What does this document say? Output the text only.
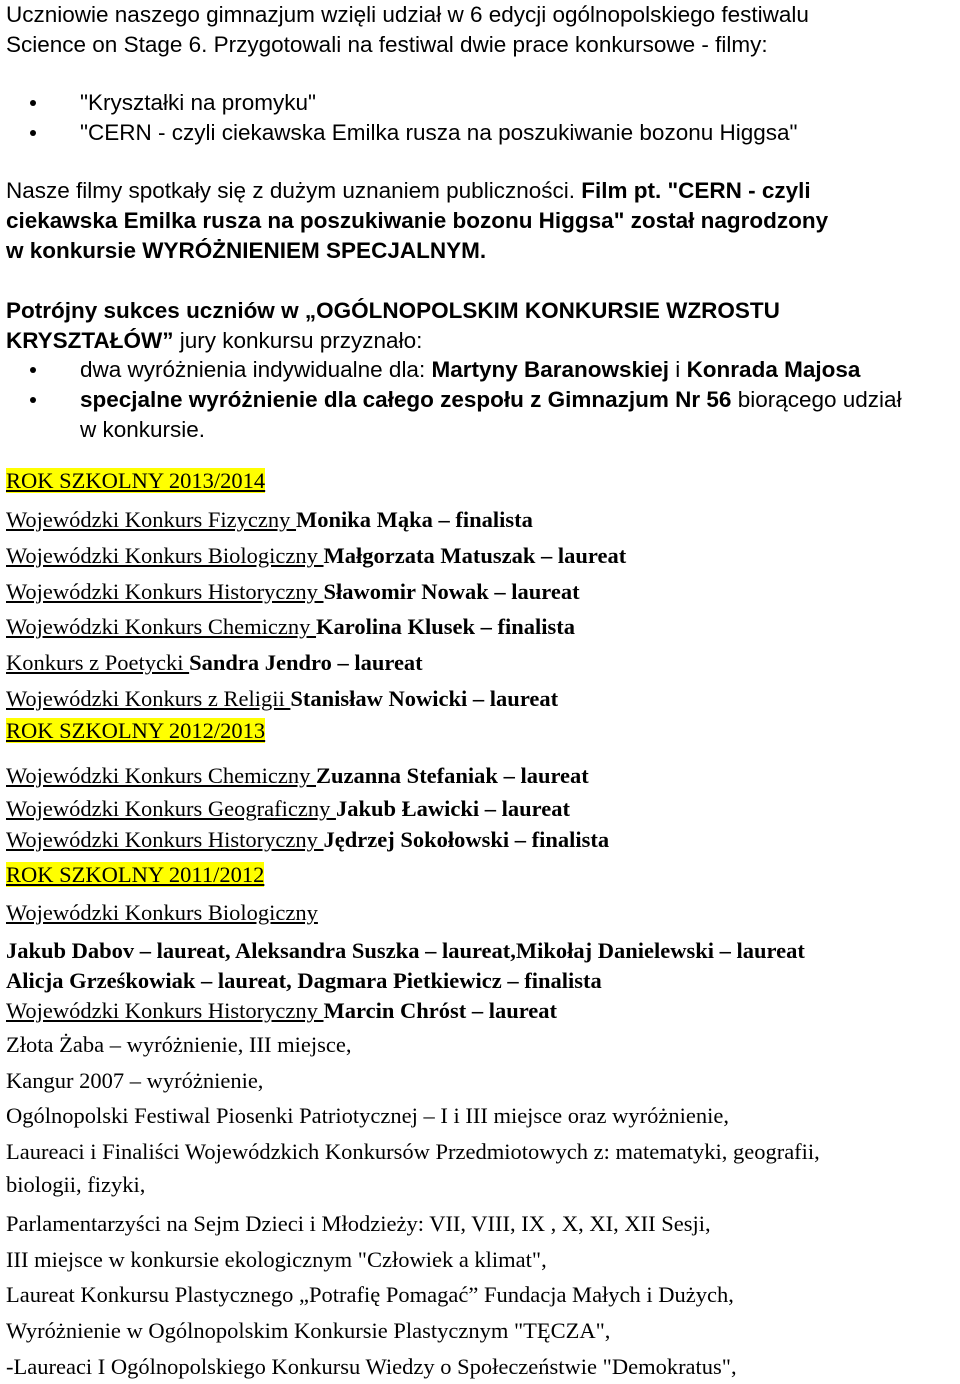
Uczniowie naszego gimnazjum wzięli udział w 6 edycji ogólnopolskiego festiwalu

Science on Stage 6. Przygotowali na festiwal dwie prace konkursowe - filmy:

"Kryształki na promyku"
"CERN - czyli ciekawska Emilka rusza na poszukiwanie bozonu Higgsa"

Nasze filmy spotkały się z dużym uznaniem publiczności. Film pt. "CERN - czyli

ciekawska Emilka rusza na poszukiwanie bozonu Higgsa" został nagrodzony

w konkursie WYRÓŻNIENIEM SPECJALNYM.

Potrójny sukces uczniów w „OGÓLNOPOLSKIM KONKURSIE WZROSTU

KRYSZTAŁÓW” jury konkursu przyznało:

dwa wyróżnienia indywidualne dla: Martyny Baranowskiej i Konrada Majosa
specjalne wyróżnienie dla całego zespołu z Gimnazjum Nr 56 biorącego udział
w konkursie.

ROK SZKOLNY 2013/2014

Wojewódzki Konkurs Fizyczny Monika Mąka – finalista

Wojewódzki Konkurs Biologiczny Małgorzata Matuszak – laureat

Wojewódzki Konkurs Historyczny Sławomir Nowak – laureat

Wojewódzki Konkurs Chemiczny Karolina Klusek – finalista

Konkurs z Poetycki Sandra Jendro – laureat

Wojewódzki Konkurs z Religii Stanisław Nowicki – laureat

ROK SZKOLNY 2012/2013

Wojewódzki Konkurs Chemiczny Zuzanna Stefaniak – laureat

Wojewódzki Konkurs Geograficzny Jakub Ławicki – laureat

Wojewódzki Konkurs Historyczny Jędrzej Sokołowski – finalista

ROK SZKOLNY 2011/2012

Wojewódzki Konkurs Biologiczny

Jakub Dabov – laureat, Aleksandra Suszka – laureat,Mikołaj Danielewski – laureat

Alicja Grześkowiak – laureat, Dagmara Pietkiewicz – finalista

Wojewódzki Konkurs Historyczny Marcin Chróst – laureat

Złota Żaba – wyróżnienie, III miejsce,

Kangur 2007 – wyróżnienie,

Ogólnopolski Festiwal Piosenki Patriotycznej – I i III miejsce oraz wyróżnienie,

Laureaci i Finaliści Wojewódzkich Konkursów Przedmiotowych z: matematyki, geografii,

biologii, fizyki,

Parlamentarzyści na Sejm Dzieci i Młodzieży: VII, VIII, IX , X, XI, XII Sesji,

III miejsce w konkursie ekologicznym "Człowiek a klimat",

Laureat Konkursu Plastycznego „Potrafię Pomagać” Fundacja Małych i Dużych,

Wyróżnienie w Ogólnopolskim Konkursie Plastycznym "TĘCZA",

-Laureaci I Ogólnopolskiego Konkursu Wiedzy o Społeczeństwie "Demokratus",
